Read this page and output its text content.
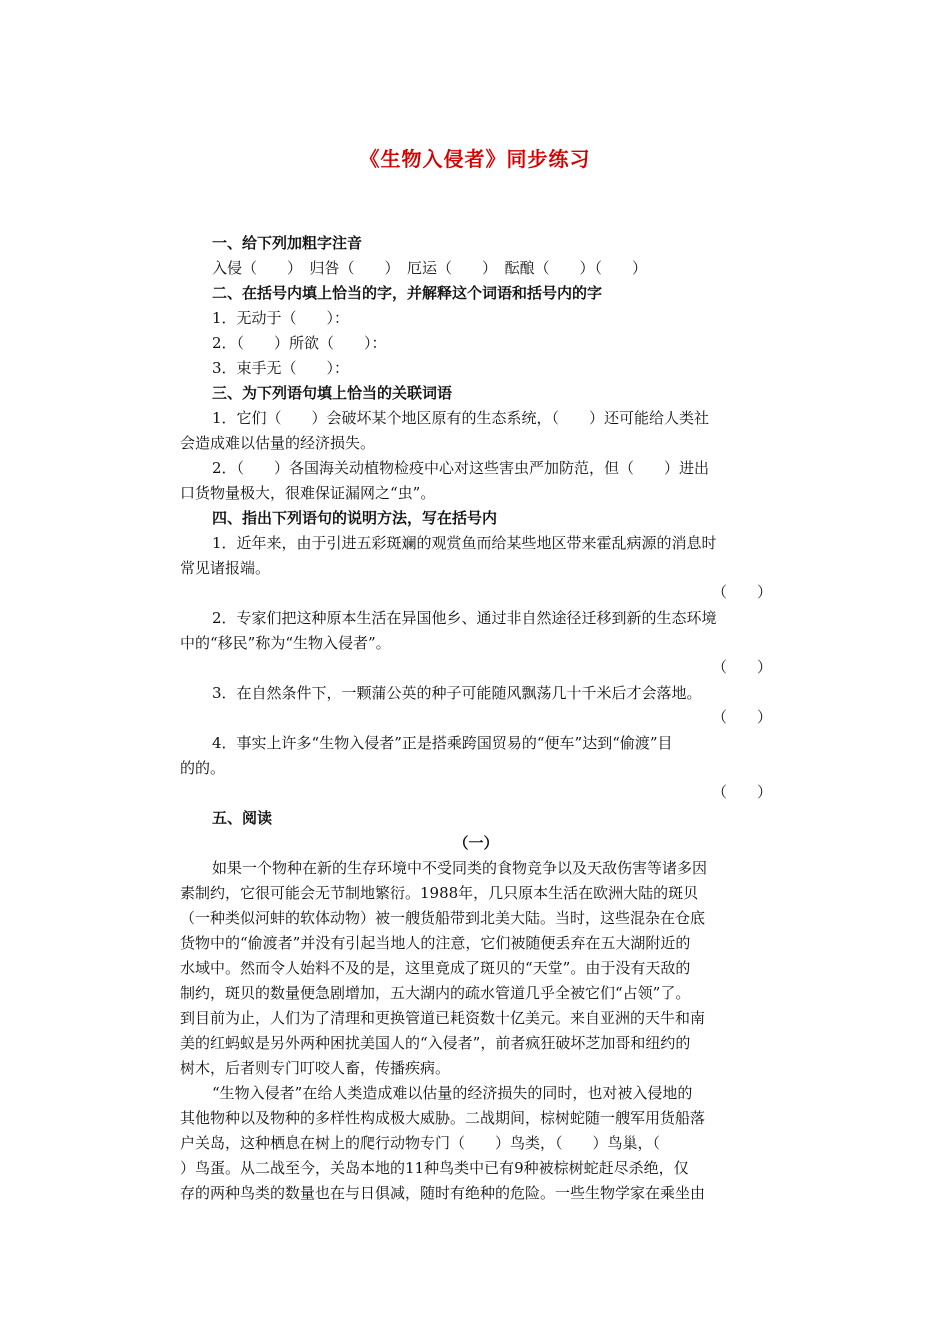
《生物入侵者》同步练习
一、给下列加粗字注音
入侵（　　）　归咎（　　）　厄运（　　）　酝酿（　　）（　　）
二、在括号内填上恰当的字，并解释这个词语和括号内的字
1．无动于（　　）：
2．（　　）所欲（　　）：
3．束手无（　　）：
三、为下列语句填上恰当的关联词语
1．它们（　　）会破坏某个地区原有的生态系统，（　　）还可能给人类社
会造成难以估量的经济损失。
2．（　　）各国海关动植物检疫中心对这些害虫严加防范，但（　　）进出
口货物量极大，很难保证漏网之“虫”。
四、指出下列语句的说明方法，写在括号内
1．近年来，由于引进五彩斑斓的观赏鱼而给某些地区带来霍乱病源的消息时
常见诸报端。
（　　）
2．专家们把这种原本生活在异国他乡、通过非自然途径迁移到新的生态环境
中的“移民”称为“生物入侵者”。
（　　）
3．在自然条件下，一颗蒲公英的种子可能随风飘荡几十千米后才会落地。
（　　）
4．事实上许多“生物入侵者”正是搭乘跨国贸易的“便车”达到“偷渡”目
的的。
（　　）
五、阅读
（一）
如果一个物种在新的生存环境中不受同类的食物竞争以及天敌伤害等诸多因
素制约，它很可能会无节制地繁衍。1988年，几只原本生活在欧洲大陆的斑贝
（一种类似河蚌的软体动物）被一艘货船带到北美大陆。当时，这些混杂在仓底
货物中的“偷渡者”并没有引起当地人的注意，它们被随便丢弃在五大湖附近的
水域中。然而令人始料不及的是，这里竟成了斑贝的“天堂”。由于没有天敌的
制约，斑贝的数量便急剧增加，五大湖内的疏水管道几乎全被它们“占领”了。
到目前为止，人们为了清理和更换管道已耗资数十亿美元。来自亚洲的天牛和南
美的红蚂蚁是另外两种困扰美国人的“入侵者”，前者疯狂破坏芝加哥和纽约的
树木，后者则专门叮咬人畜，传播疾病。
“生物入侵者”在给人类造成难以估量的经济损失的同时，也对被入侵地的
其他物种以及物种的多样性构成极大威胁。二战期间，棕树蛇随一艘军用货船落
户关岛，这种栖息在树上的爬行动物专门（　　）鸟类，（　　）鸟巢，（
）鸟蛋。从二战至今，关岛本地的11种鸟类中已有9种被棕树蛇赶尽杀绝，仅
存的两种鸟类的数量也在与日俱减，随时有绝种的危险。一些生物学家在乘坐由
